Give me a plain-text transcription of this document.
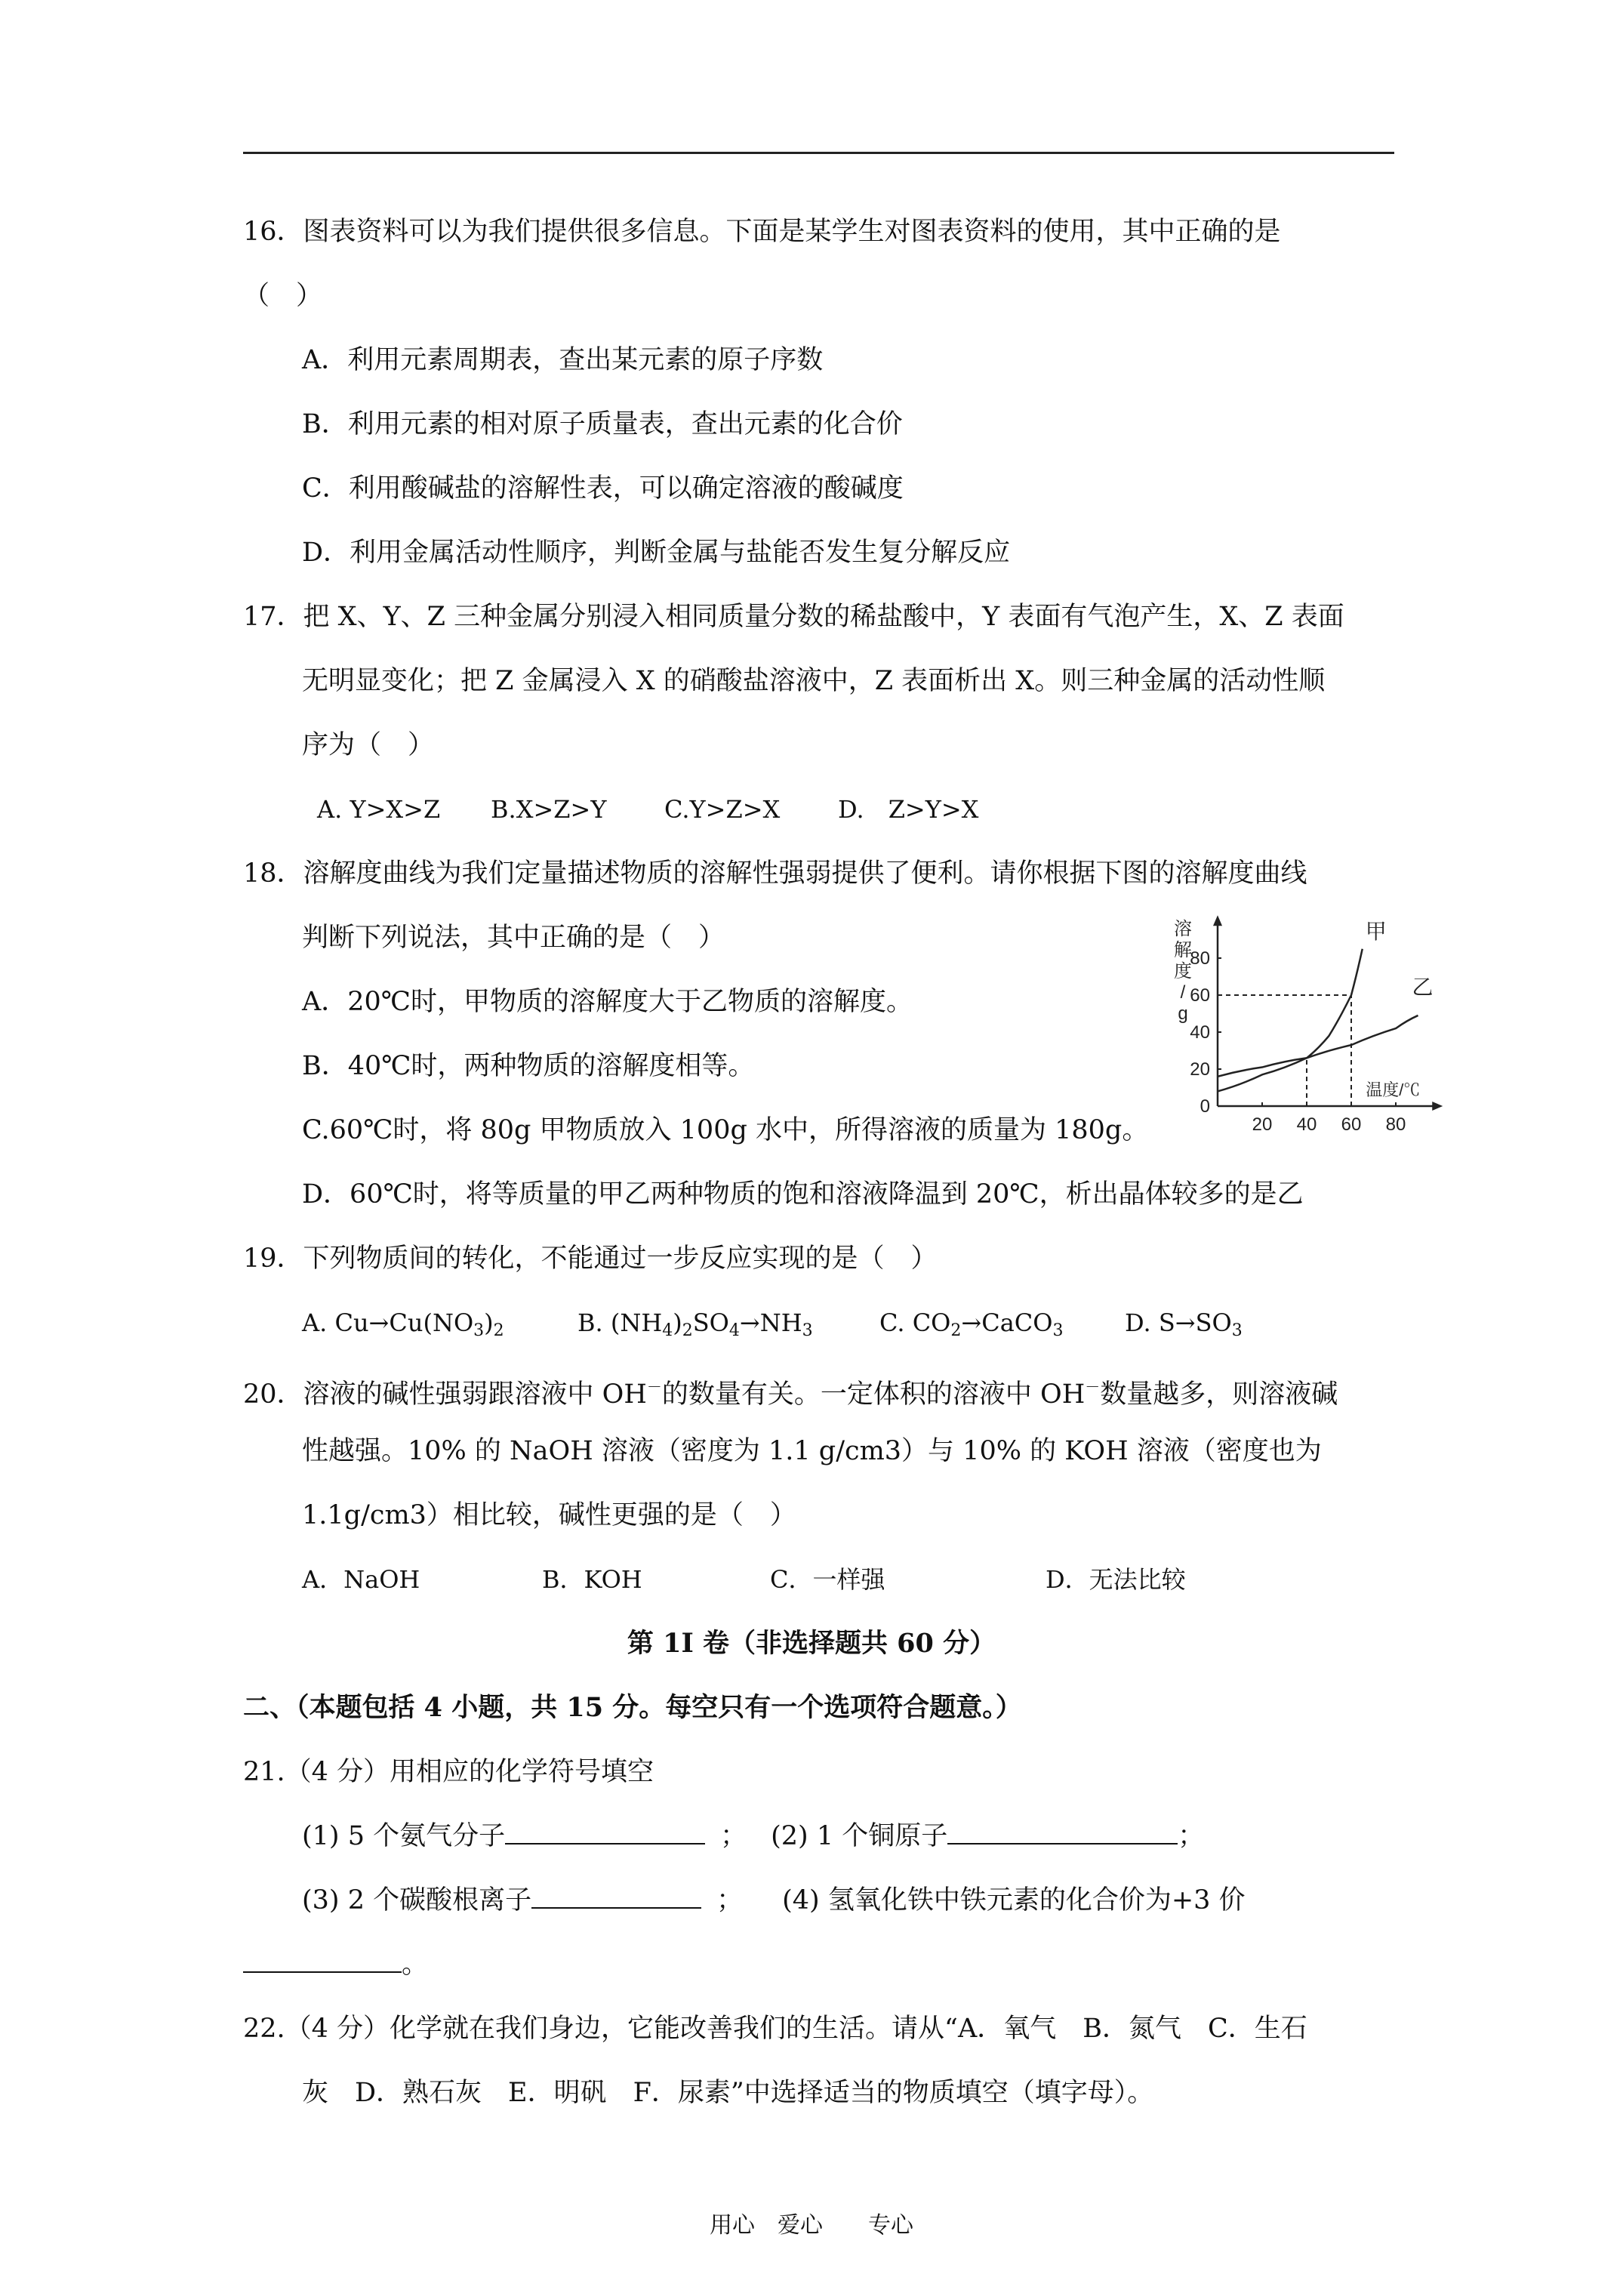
16．图表资料可以为我们提供很多信息。下面是某学生对图表资料的使用，其中正确的是
（　）
A．利用元素周期表，查出某元素的原子序数
B．利用元素的相对原子质量表，查出元素的化合价
C．利用酸碱盐的溶解性表，可以确定溶液的酸碱度
D．利用金属活动性顺序，判断金属与盐能否发生复分解反应
17．把 X、Y、Z 三种金属分别浸入相同质量分数的稀盐酸中，Y 表面有气泡产生，X、Z 表面
无明显变化；把 Z 金属浸入 X 的硝酸盐溶液中，Z 表面析出 X。则三种金属的活动性顺
序为（　）
A. Y>X>Z B.X>Z>Y C.Y>Z>X D.　Z>Y>X
18．溶解度曲线为我们定量描述物质的溶解性强弱提供了便利。请你根据下图的溶解度曲线
判断下列说法，其中正确的是（　）
A．20℃时，甲物质的溶解度大于乙物质的溶解度。
B．40℃时，两种物质的溶解度相等。
C.60℃时，将 80g 甲物质放入 100g 水中，所得溶液的质量为 180g。
D．60℃时，将等质量的甲乙两种物质的饱和溶液降温到 20℃，析出晶体较多的是乙
20 40 60 80
0
20
40
60
80
甲
乙
溶
解
度
/
g
温度/℃
19．下列物质间的转化，不能通过一步反应实现的是（　）
A. $Cu\to Cu(NO_3)_2$	B. $(NH_4)_2SO_4\to NH_3$	C. $CO_2\to CaCO_3$	D. $S\to SO_3$
20．溶液的碱性强弱跟溶液中 OH－的数量有关。一定体积的溶液中 OH－数量越多，则溶液碱
性越强。10% 的 NaOH 溶液（密度为 1.1 g/cm3）与 10% 的 KOH 溶液（密度也为
1.1g/cm3）相比较，碱性更强的是（　）
A．NaOH	B．KOH	C．一样强	D．无法比较
第 1I 卷（非选择题共 60 分）
二、（本题包括 4 小题，共 15 分。每空只有一个选项符合题意。）
21.（4 分）用相应的化学符号填空
(1) 5 个氨气分子	； (2) 1 个铜原子	；
(3) 2 个碳酸根离子	； (4) 氢氧化铁中铁元素的化合价为+3 价
。
22.（4 分）化学就在我们身边，它能改善我们的生活。请从“A．氧气　B．氮气　C．生石
灰　D．熟石灰　E．明矾　F．尿素”中选择适当的物质填空（填字母）。
用心　爱心　　专心
